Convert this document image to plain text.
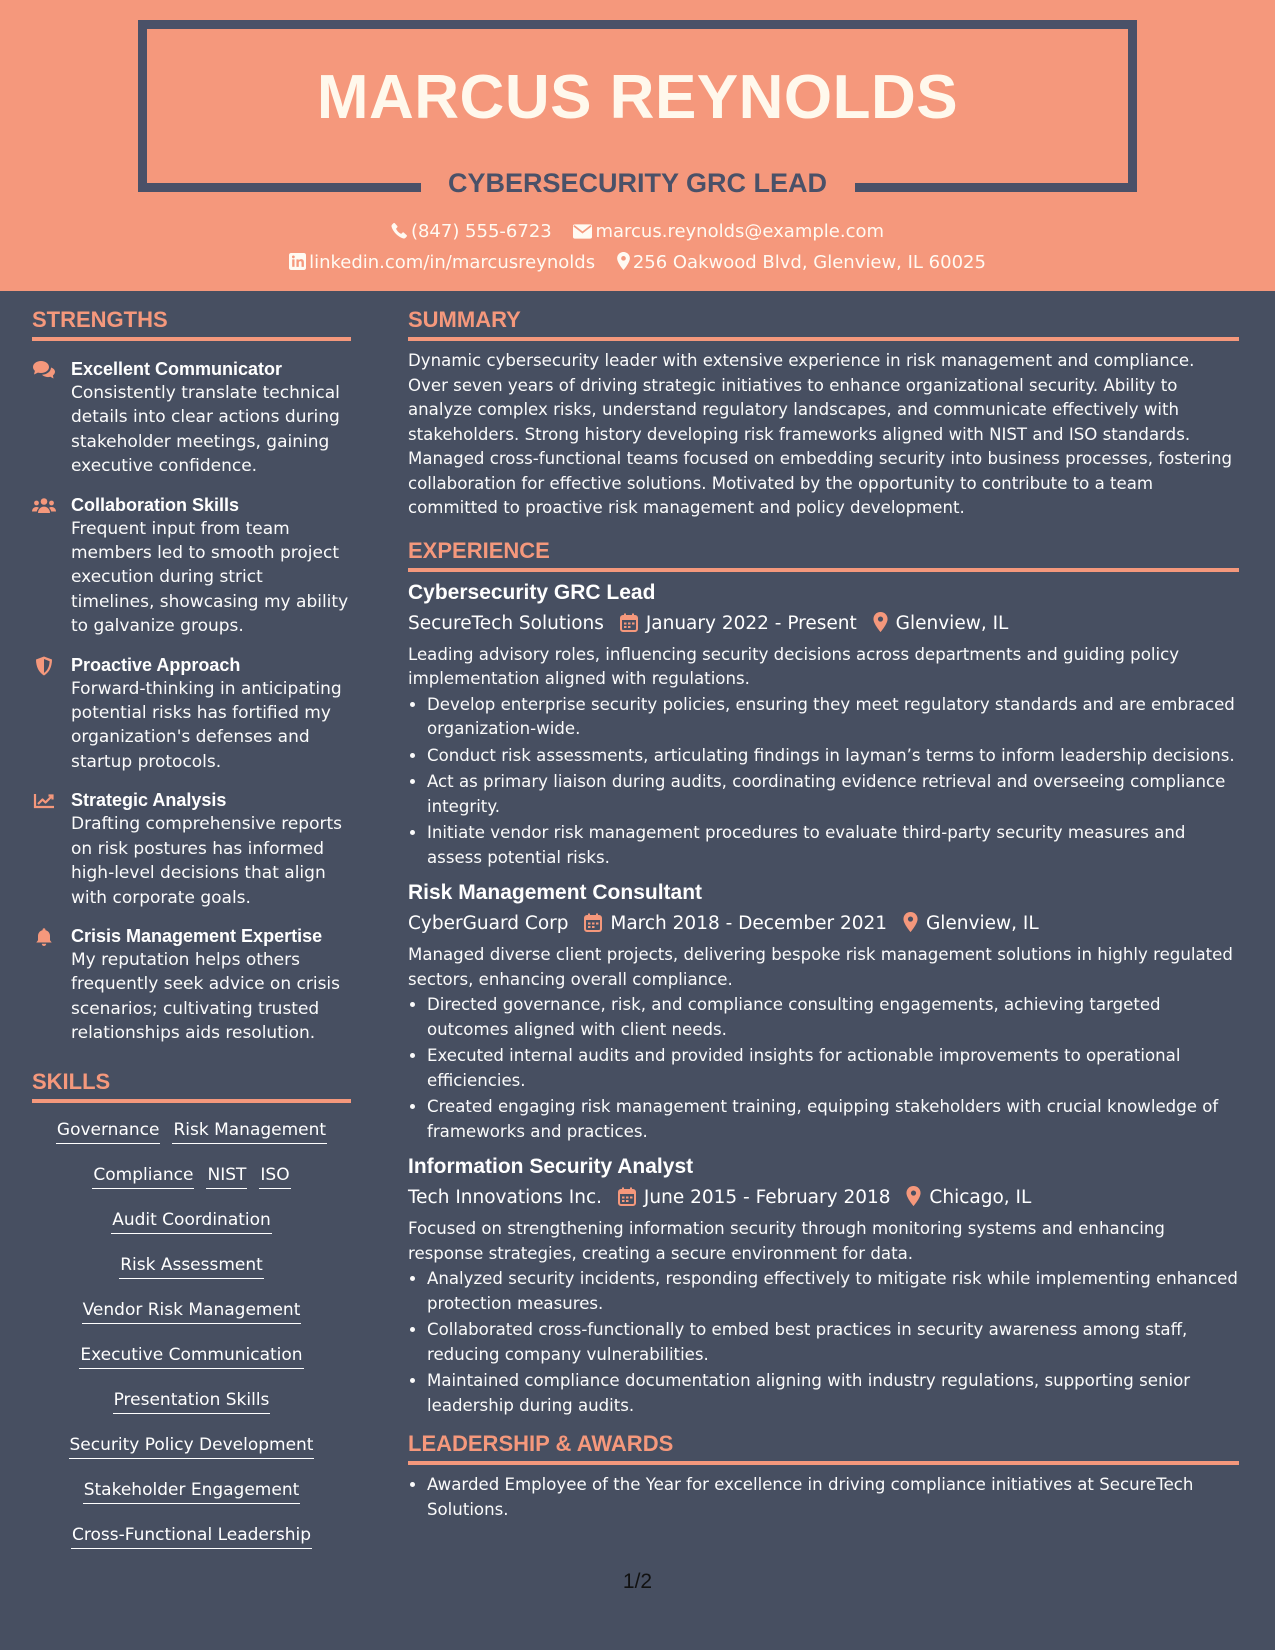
MARCUS REYNOLDS
CYBERSECURITY GRC LEAD
(847) 555-6723 marcus.reynolds@example.com
linkedin.com/in/marcusreynolds 256 Oakwood Blvd, Glenview, IL 60025
STRENGTHS
Excellent Communicator
Consistently translate technical details into clear actions during stakeholder meetings, gaining executive confidence.
Collaboration Skills
Frequent input from team members led to smooth project execution during strict timelines, showcasing my ability to galvanize groups.
Proactive Approach
Forward-thinking in anticipating potential risks has fortified my organization's defenses and startup protocols.
Strategic Analysis
Drafting comprehensive reports on risk postures has informed high-level decisions that align with corporate goals.
Crisis Management Expertise
My reputation helps others frequently seek advice on crisis scenarios; cultivating trusted relationships aids resolution.
SKILLS
Governance Risk Management
Compliance NIST ISO
Audit Coordination
Risk Assessment
Vendor Risk Management
Executive Communication
Presentation Skills
Security Policy Development
Stakeholder Engagement
Cross-Functional Leadership
SUMMARY
Dynamic cybersecurity leader with extensive experience in risk management and compliance. Over seven years of driving strategic initiatives to enhance organizational security. Ability to analyze complex risks, understand regulatory landscapes, and communicate effectively with stakeholders. Strong history developing risk frameworks aligned with NIST and ISO standards. Managed cross-functional teams focused on embedding security into business processes, fostering collaboration for effective solutions. Motivated by the opportunity to contribute to a team committed to proactive risk management and policy development.
EXPERIENCE
Cybersecurity GRC Lead
SecureTech Solutions January 2022 - Present Glenview, IL
Leading advisory roles, influencing security decisions across departments and guiding policy implementation aligned with regulations.
• Develop enterprise security policies, ensuring they meet regulatory standards and are embraced organization-wide.
• Conduct risk assessments, articulating findings in layman’s terms to inform leadership decisions.
• Act as primary liaison during audits, coordinating evidence retrieval and overseeing compliance integrity.
• Initiate vendor risk management procedures to evaluate third-party security measures and assess potential risks.
Risk Management Consultant
CyberGuard Corp March 2018 - December 2021 Glenview, IL
Managed diverse client projects, delivering bespoke risk management solutions in highly regulated sectors, enhancing overall compliance.
• Directed governance, risk, and compliance consulting engagements, achieving targeted outcomes aligned with client needs.
• Executed internal audits and provided insights for actionable improvements to operational efficiencies.
• Created engaging risk management training, equipping stakeholders with crucial knowledge of frameworks and practices.
Information Security Analyst
Tech Innovations Inc. June 2015 - February 2018 Chicago, IL
Focused on strengthening information security through monitoring systems and enhancing response strategies, creating a secure environment for data.
• Analyzed security incidents, responding effectively to mitigate risk while implementing enhanced protection measures.
• Collaborated cross-functionally to embed best practices in security awareness among staff, reducing company vulnerabilities.
• Maintained compliance documentation aligning with industry regulations, supporting senior leadership during audits.
LEADERSHIP & AWARDS
• Awarded Employee of the Year for excellence in driving compliance initiatives at SecureTech Solutions.
1/2
